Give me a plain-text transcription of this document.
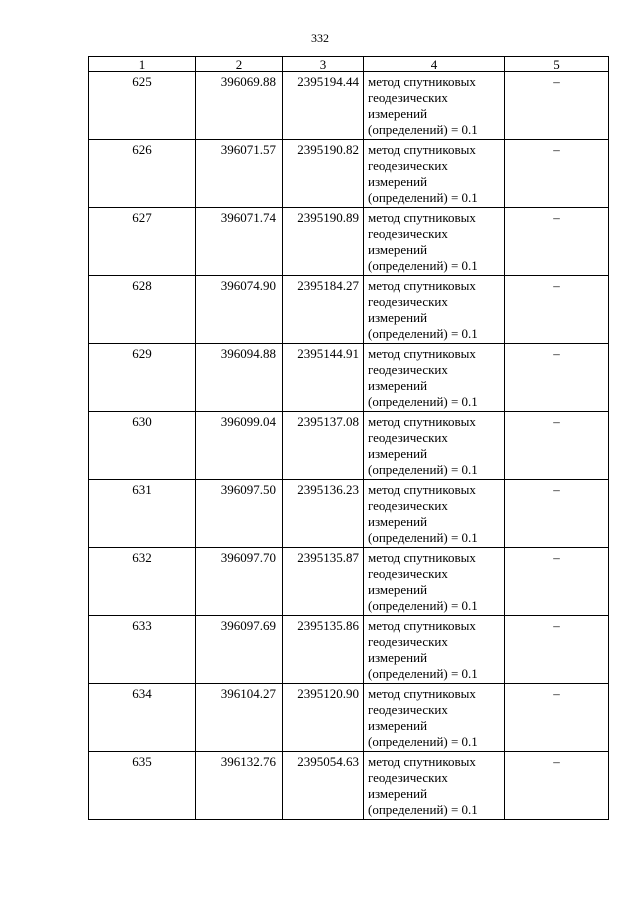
332
1	2	3	4	5
625	396069.88	2395194.44	метод спутниковых
геодезических
измерений
(определений) = 0.1	–
626	396071.57	2395190.82	метод спутниковых
геодезических
измерений
(определений) = 0.1	–
627	396071.74	2395190.89	метод спутниковых
геодезических
измерений
(определений) = 0.1	–
628	396074.90	2395184.27	метод спутниковых
геодезических
измерений
(определений) = 0.1	–
629	396094.88	2395144.91	метод спутниковых
геодезических
измерений
(определений) = 0.1	–
630	396099.04	2395137.08	метод спутниковых
геодезических
измерений
(определений) = 0.1	–
631	396097.50	2395136.23	метод спутниковых
геодезических
измерений
(определений) = 0.1	–
632	396097.70	2395135.87	метод спутниковых
геодезических
измерений
(определений) = 0.1	–
633	396097.69	2395135.86	метод спутниковых
геодезических
измерений
(определений) = 0.1	–
634	396104.27	2395120.90	метод спутниковых
геодезических
измерений
(определений) = 0.1	–
635	396132.76	2395054.63	метод спутниковых
геодезических
измерений
(определений) = 0.1	–
